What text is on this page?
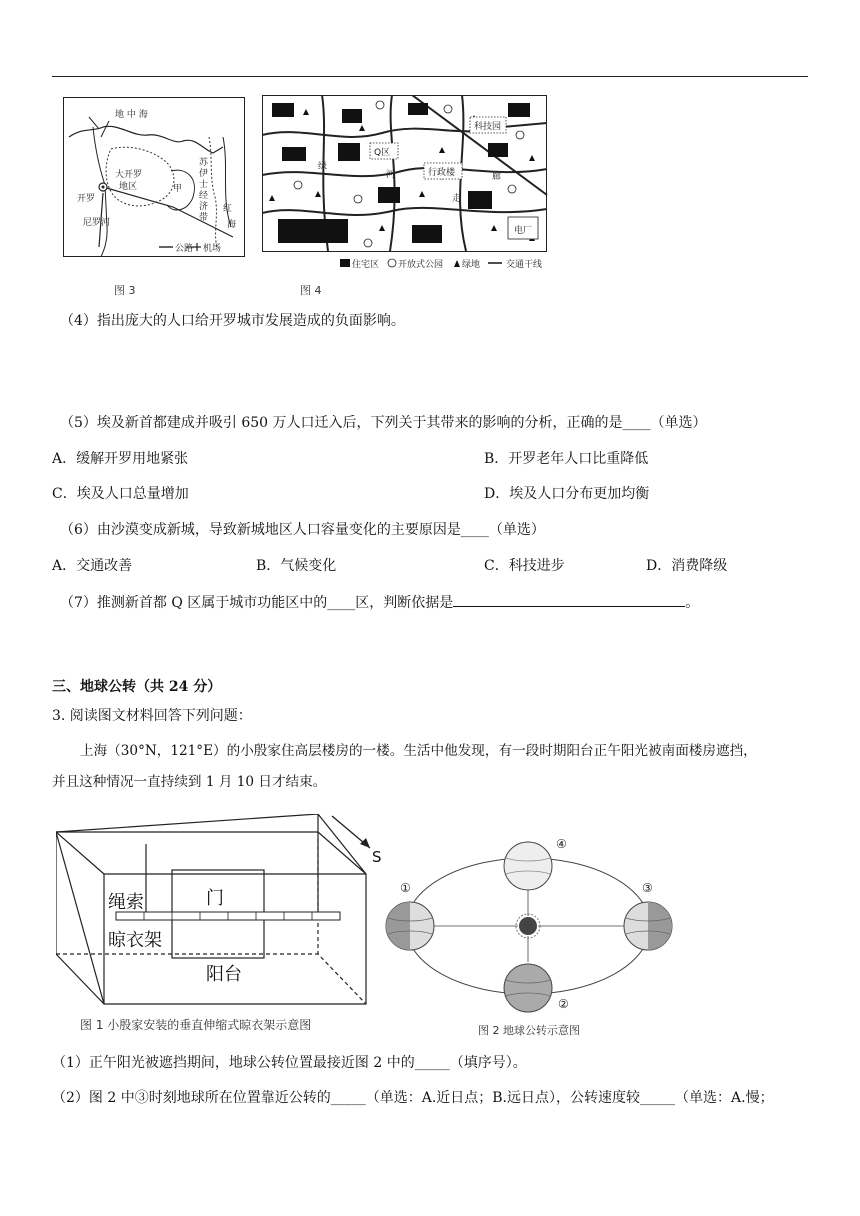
地 中 海
大开罗
地区	甲
开罗
尼罗河
苏
伊
士
经
济
带
红
海
公路 机场
图 3
Q区
科技园
行政楼
绿
河
走
廊
电厂
住宅区 开放式公园 绿地	交通干线
图 4
（4）指出庞大的人口给开罗城市发展造成的负面影响。
（5）埃及新首都建成并吸引 650 万人口迁入后，下列关于其带来的影响的分析，正确的是____（单选）
A．缓解开罗用地紧张	B．开罗老年人口比重降低
C．埃及人口总量增加	D．埃及人口分布更加均衡
（6）由沙漠变成新城，导致新城地区人口容量变化的主要原因是____（单选）
A．交通改善	B．气候变化	C．科技进步	D．消费降级
（7）推测新首都 Q 区属于城市功能区中的____区，判断依据是	。
三、地球公转（共 24 分）
3. 阅读图文材料回答下列问题：
上海（30°N，121°E）的小殷家住高层楼房的一楼。生活中他发现，有一段时期阳台正午阳光被南面楼房遮挡，
并且这种情况一直持续到 1 月 10 日才结束。
S
绳索	门
晾衣架
阳台
图 1 小殷家安装的垂直伸缩式晾衣架示意图
①
②
③
④
图 2 地球公转示意图
（1）正午阳光被遮挡期间，地球公转位置最接近图 2 中的_____（填序号）。
（2）图 2 中③时刻地球所在位置靠近公转的_____（单选：A.近日点；B.远日点），公转速度较_____（单选：A.慢；
